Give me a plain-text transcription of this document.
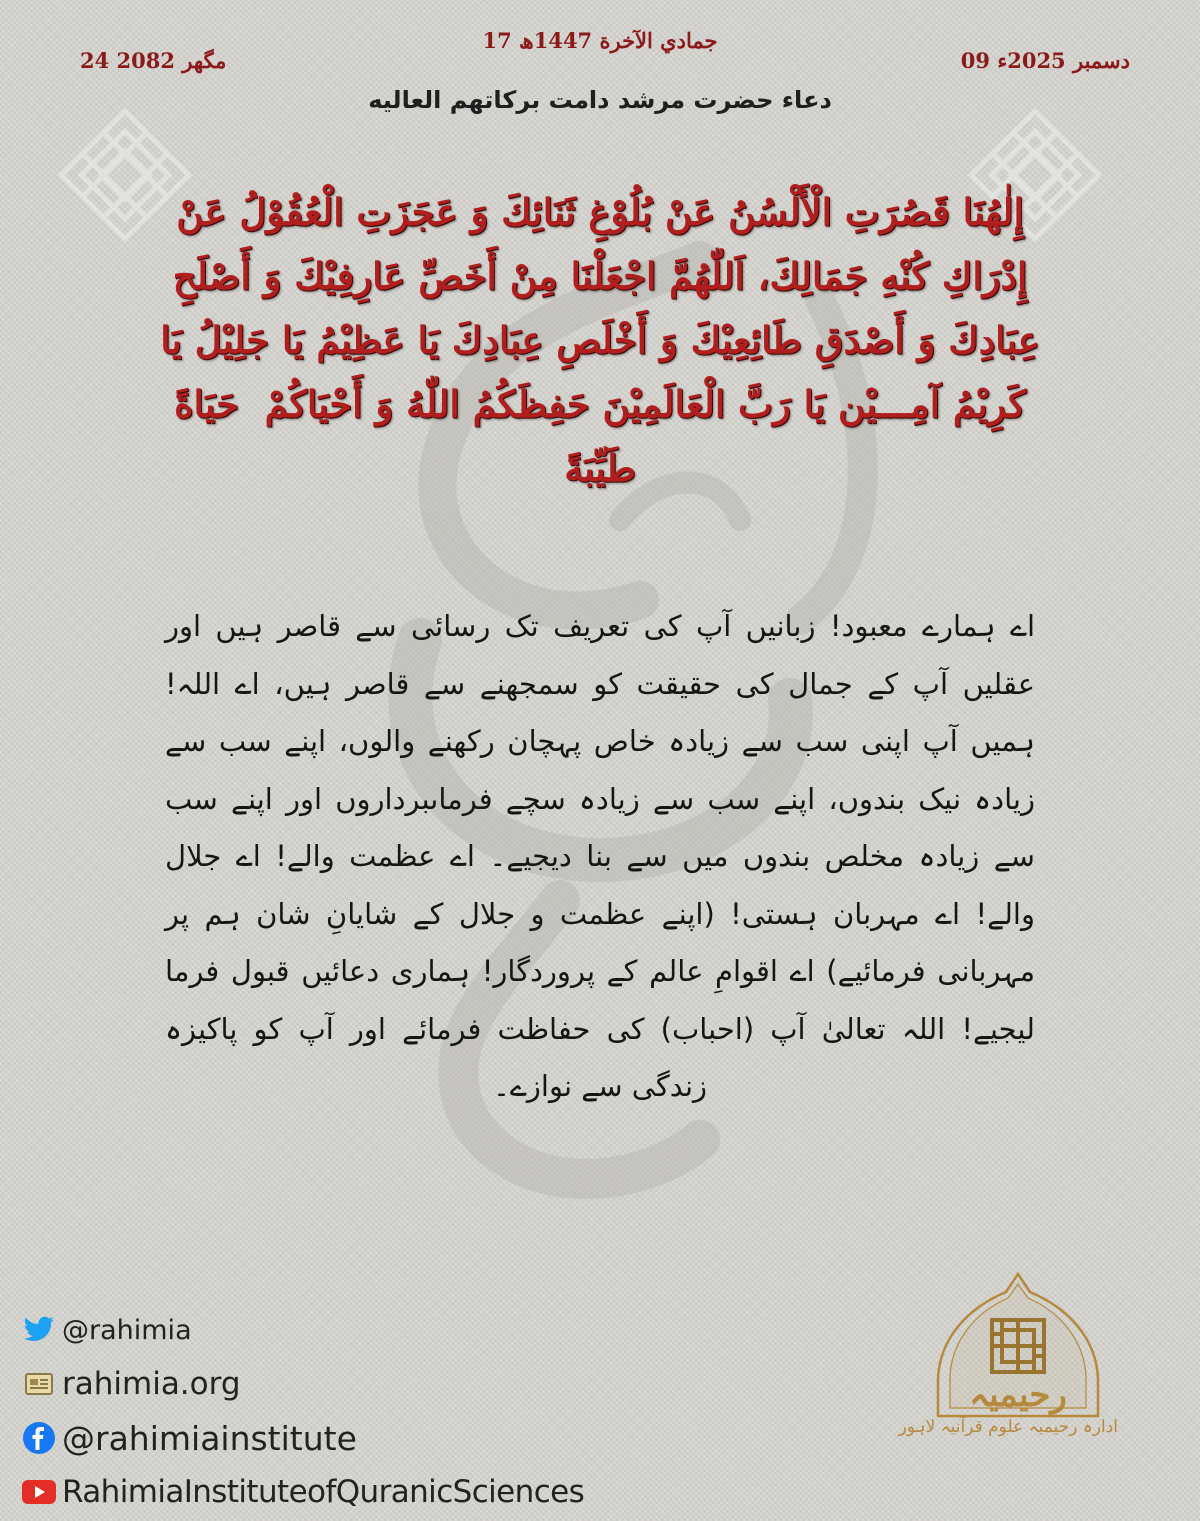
17 جمادي الآخرة 1447ھ
24 مگھر 2082	09 دسمبر 2025ء
دعاء حضرت مرشد دامت برکاتهم العاليه
إِلٰهُنَا قَصُرَتِ الْأَلْسُنُ عَنْ بُلُوْغِ ثَنَائِكَ وَ عَجَزَتِ الْعُقُوْلُ عَنْ إِدْرَاكِ كُنْهِ جَمَالِكَ، اَللّٰهُمَّ اجْعَلْنَا مِنْ أَخَصِّ عَارِفِيْكَ وَ أَصْلَحِ عِبَادِكَ وَ أَصْدَقِ طَائِعِيْكَ وَ أَخْلَصِ عِبَادِكَ يَا عَظِيْمُ يَا جَلِيْلُ يَا كَرِيْمُ آمِـــيْن يَا رَبَّ الْعَالَمِيْنَ حَفِظَكُمُ اللّٰهُ وَ أَحْيَاكُمْ ‌ حَيَاةً طَيِّبَةً
اے ہمارے معبود! زبانیں آپ کی تعریف تک رسائی سے قاصر ہیں اور عقلیں آپ کے جمال کی حقیقت کو سمجھنے سے قاصر ہیں، اے اللہ! ہمیں آپ اپنی سب سے زیادہ خاص پہچان رکھنے والوں، اپنے سب سے زیادہ نیک بندوں، اپنے سب سے زیادہ سچے فرماںبرداروں اور اپنے سب سے زیادہ مخلص بندوں میں سے بنا دیجیے۔ اے عظمت والے! اے جلال والے! اے مہربان ہستی! (اپنے عظمت و جلال کے شایانِ شان ہم پر مہربانی فرمائیے) اے اقوامِ عالم کے پروردگار! ہماری دعائیں قبول فرما لیجیے! اللہ تعالیٰ آپ (احباب) کی حفاظت فرمائے اور آپ کو پاکیزہ زندگی سے نوازے۔
@rahimia
rahimia.org
@rahimiainstitute
RahimiaInstituteofQuranicSciences
رحیمیہ
ادارہ رحیمیہ علوم قرآنیہ لاہور
